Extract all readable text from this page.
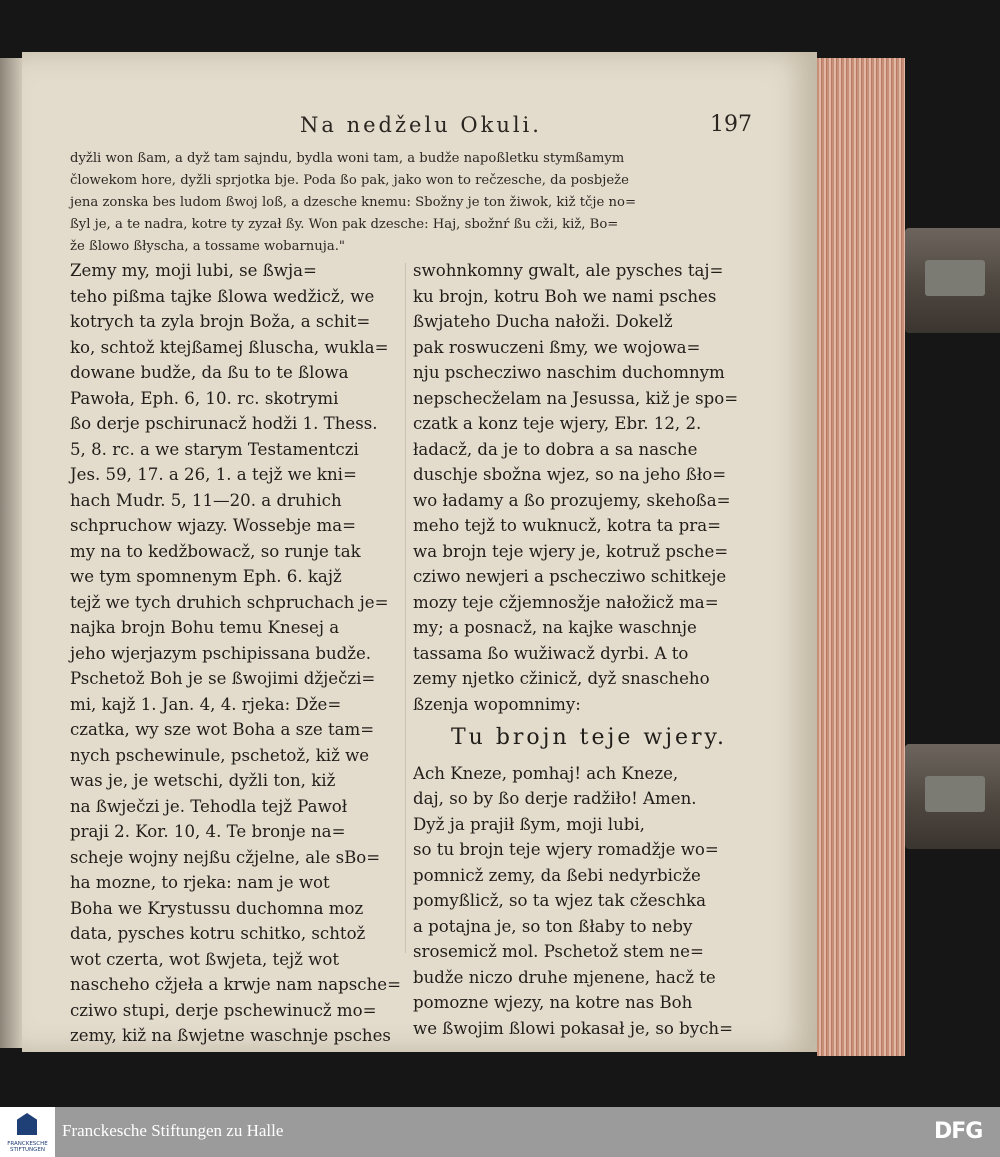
Na nedželu Okuli.	197

dyžli won ßam, a dyž tam sajndu, bydla woni tam, a budže napoßletku stymßamym

člowekom hore, dyžli sprjotka bje. Poda ßo pak, jako won to rečzesche, da posbježe

jena zonska bes ludom ßwoj loß, a dzesche knemu: Sbožny je ton žiwok, kiž tčje no=

ßyl je, a te nadra, kotre ty zyzał ßy. Won pak dzesche: Haj, sbožnŕ ßu cži, kiž, Bo=

že ßlowo ßłyscha, a tossame wobarnuja."

Zemy my, moji lubi, se ßwja=
teho pißma tajke ßlowa wedžicž, we
kotrych ta zyla brojn Boža, a schit=
ko, schtož ktejßamej ßluscha, wukla=
dowane budže, da ßu to te ßlowa
Pawoła, Eph. 6, 10. rc. skotrymi
ßo derje pschirunacž hodži 1. Thess.
5, 8. rc. a we starym Testamentczi
Jes. 59, 17. a 26, 1. a tejž we kni=
hach Mudr. 5, 11—20. a druhich
schpruchow wjazy. Wossebje ma=
my na to kedžbowacž, so runje tak
we tym spomnenym Eph. 6. kajž
tejž we tych druhich schpruchach je=
najka brojn Bohu temu Knesej a
jeho wjerjazym pschipissana budže.
Pschetož Boh je se ßwojimi džječzi=
mi, kajž 1. Jan. 4, 4. rjeka: Dže=
czatka, wy sze wot Boha a sze tam=
nych pschewinule, pschetož, kiž we
was je, je wetschi, dyžli ton, kiž
na ßwječzi je. Tehodla tejž Pawoł
praji 2. Kor. 10, 4. Te bronje na=
scheje wojny nejßu cžjelne, ale sBo=
ha mozne, to rjeka: nam je wot
Boha we Krystussu duchomna moz
data, pysches kotru schitko, schtož
wot czerta, wot ßwjeta, tejž wot
nascheho cžjeła a krwje nam napsche=
cziwo stupi, derje pschewinucž mo=
zemy, kiž na ßwjetne waschnje psches
swohnkomny gwalt, ale pysches taj=
ku brojn, kotru Boh we nami psches
ßwjateho Ducha nałoži. Dokelž
pak roswuczeni ßmy, we wojowa=
nju pschecziwo naschim duchomnym
nepschecželam na Jesussa, kiž je spo=
czatk a konz teje wjery, Ebr. 12, 2.
ładacž, da je to dobra a sa nasche
duschje sbožna wjez, so na jeho ßło=
wo ładamy a ßo prozujemy, skehoßa=
meho tejž to wuknucž, kotra ta pra=
wa brojn teje wjery je, kotruž psche=
cziwo newjeri a pschecziwo schitkeje
mozy teje cžjemnosžje nałožicž ma=
my; a posnacž, na kajke waschnje
tassama ßo wužiwacž dyrbi. A to
zemy njetko cžinicž, dyž snascheho
ßzenja wopomnimy:
Tu brojn teje wjery.
Ach Kneze, pomhaj! ach Kneze,
daj, so by ßo derje radžiło! Amen.
Dyž ja prajił ßym, moji lubi,
so tu brojn teje wjery romadžje wo=
pomnicž zemy, da ßebi nedyrbicže
pomyßlicž, so ta wjez tak cžeschka
a potajna je, so ton ßłaby to neby
srosemicž mol. Pschetož stem ne=
budže niczo druhe mjenene, hacž te
pomozne wjezy, na kotre nas Boh
we ßwojim ßlowi pokasał je, so bych=
FRANCKESCHE
STIFTUNGEN
Franckesche Stiftungen zu Halle	DFG
